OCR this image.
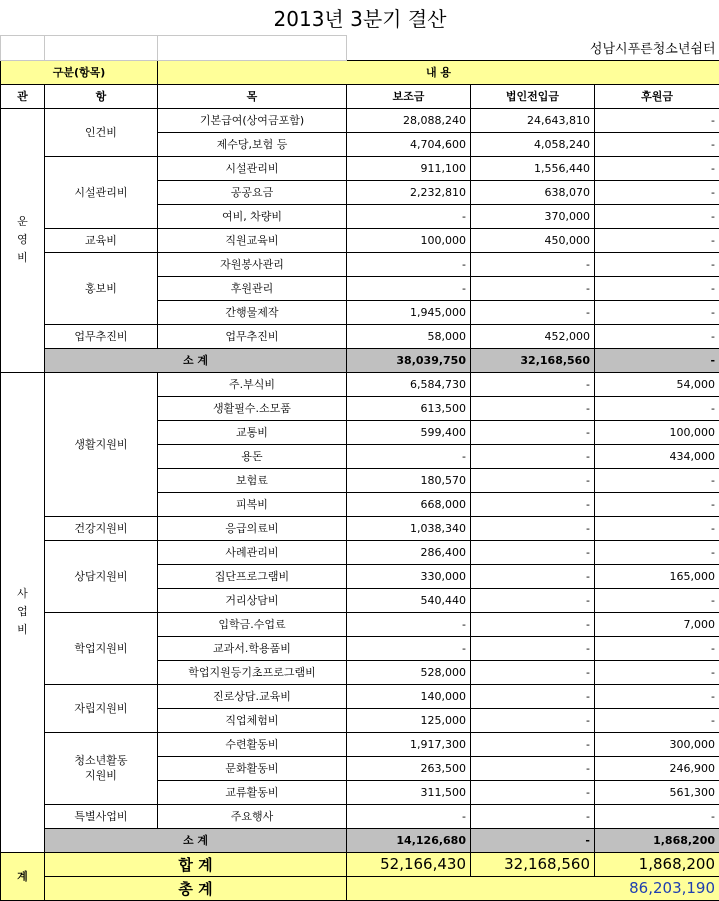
2013년 3분기 결산					
			성남시푸른청소년쉼터		
구분(항목)		내 용			
관	항	목	보조금	법인전입금	후원금
운
영
비	인건비	기본급여(상여금포함)	28,088,240	24,643,810	-
		제수당,보험 등	4,704,600	4,058,240	-
	시설관리비	시설관리비	911,100	1,556,440	-
		공공요금	2,232,810	638,070	-
		여비, 차량비	-	370,000	-
	교육비	직원교육비	100,000	450,000	-
	홍보비	자원봉사관리	-	-	-
		후원관리	-	-	-
		간행물제작	1,945,000	-	-
	업무추진비	업무추진비	58,000	452,000	-
	소 계		38,039,750	32,168,560	-
사
업
비	생활지원비	주.부식비	6,584,730	-	54,000
		생활필수.소모품	613,500	-	-
		교통비	599,400	-	100,000
		용돈	-	-	434,000
		보험료	180,570	-	-
		피복비	668,000	-	-
	건강지원비	응급의료비	1,038,340	-	-
	상담지원비	사례관리비	286,400	-	-
		집단프로그램비	330,000	-	165,000
		거리상담비	540,440	-	-
	학업지원비	입학금.수업료	-	-	7,000
		교과서.학용품비	-	-	-
		학업지원등기초프로그램비	528,000	-	-
	자립지원비	진로상담.교육비	140,000	-	-
		직업체험비	125,000	-	-
	청소년활동
지원비	수련활동비	1,917,300	-	300,000
		문화활동비	263,500	-	246,900
		교류활동비	311,500	-	561,300
	특별사업비	주요행사	-	-	-
	소 계		14,126,680	-	1,868,200
계	합 계		52,166,430	32,168,560	1,868,200
	총 계		86,203,190		
